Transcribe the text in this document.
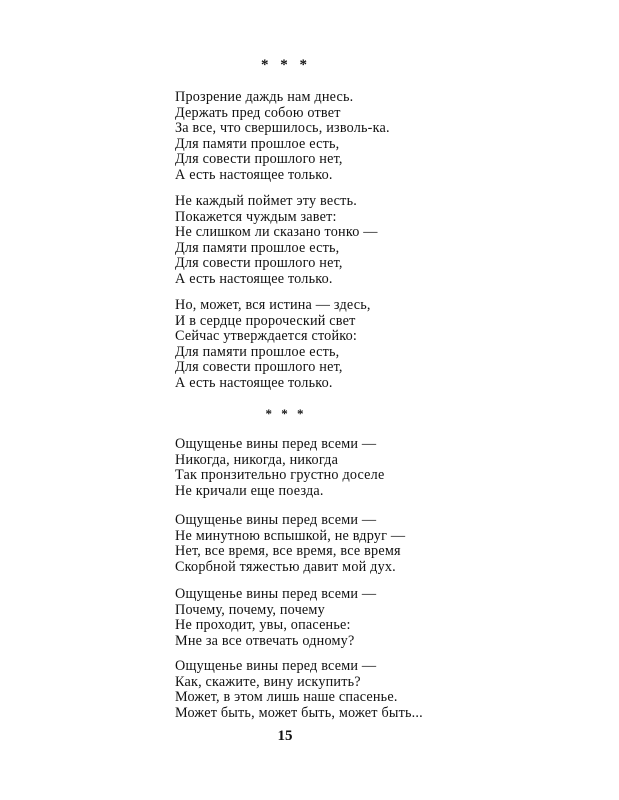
* * *
Прозрение даждь нам днесь.
Держать пред собою ответ
За все, что свершилось, изволь-ка.
Для памяти прошлое есть,
Для совести прошлого нет,
А есть настоящее только.
Не каждый поймет эту весть.
Покажется чуждым завет:
Не слишком ли сказано тонко —
Для памяти прошлое есть,
Для совести прошлого нет,
А есть настоящее только.
Но, может, вся истина — здесь,
И в сердце пророческий свет
Сейчас утверждается стойко:
Для памяти прошлое есть,
Для совести прошлого нет,
А есть настоящее только.
* * *
Ощущенье вины перед всеми —
Никогда, никогда, никогда
Так пронзительно грустно доселе
Не кричали еще поезда.
Ощущенье вины перед всеми —
Не минутною вспышкой, не вдруг —
Нет, все время, все время, все время
Скорбной тяжестью давит мой дух.
Ощущенье вины перед всеми —
Почему, почему, почему
Не проходит, увы, опасенье:
Мне за все отвечать одному?
Ощущенье вины перед всеми —
Как, скажите, вину искупить?
Может, в этом лишь наше спасенье.
Может быть, может быть, может быть...
15
